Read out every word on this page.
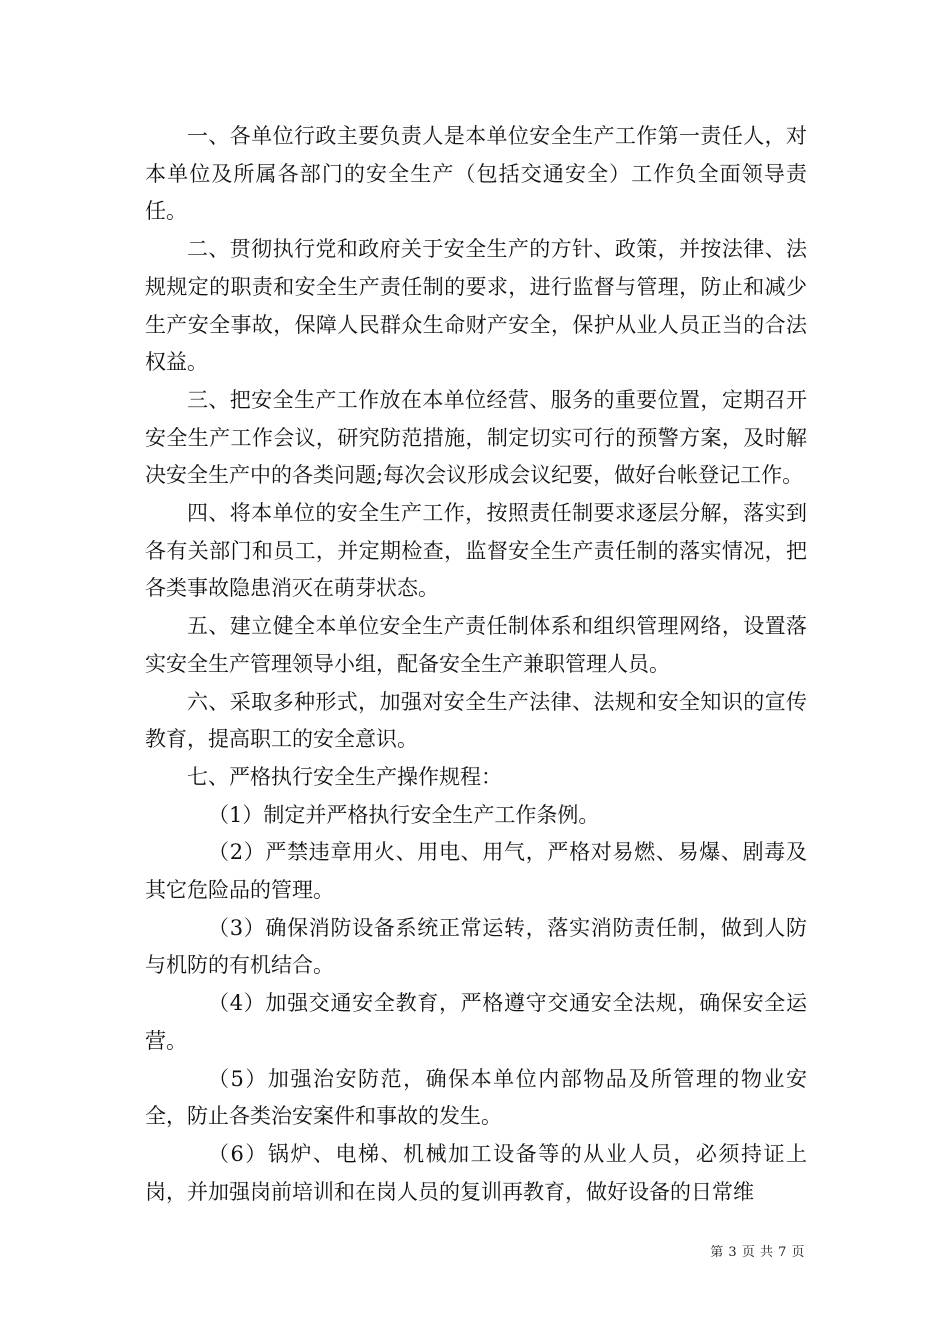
一、各单位行政主要负责人是本单位安全生产工作第一责任人，对本单位及所属各部门的安全生产（包括交通安全）工作负全面领导责任。

二、贯彻执行党和政府关于安全生产的方针、政策，并按法律、法规规定的职责和安全生产责任制的要求，进行监督与管理，防止和减少生产安全事故，保障人民群众生命财产安全，保护从业人员正当的合法权益。

三、把安全生产工作放在本单位经营、服务的重要位置，定期召开安全生产工作会议，研究防范措施，制定切实可行的预警方案，及时解决安全生产中的各类问题;每次会议形成会议纪要，做好台帐登记工作。

四、将本单位的安全生产工作，按照责任制要求逐层分解，落实到各有关部门和员工，并定期检查，监督安全生产责任制的落实情况，把各类事故隐患消灭在萌芽状态。

五、建立健全本单位安全生产责任制体系和组织管理网络，设置落实安全生产管理领导小组，配备安全生产兼职管理人员。

六、采取多种形式，加强对安全生产法律、法规和安全知识的宣传教育，提高职工的安全意识。

七、严格执行安全生产操作规程：

（1）制定并严格执行安全生产工作条例。

（2）严禁违章用火、用电、用气，严格对易燃、易爆、剧毒及其它危险品的管理。

（3）确保消防设备系统正常运转，落实消防责任制，做到人防与机防的有机结合。

（4）加强交通安全教育，严格遵守交通安全法规，确保安全运营。

（5）加强治安防范，确保本单位内部物品及所管理的物业安全，防止各类治安案件和事故的发生。

（6）锅炉、电梯、机械加工设备等的从业人员，必须持证上岗，并加强岗前培训和在岗人员的复训再教育，做好设备的日常维

第 3 页 共 7 页
